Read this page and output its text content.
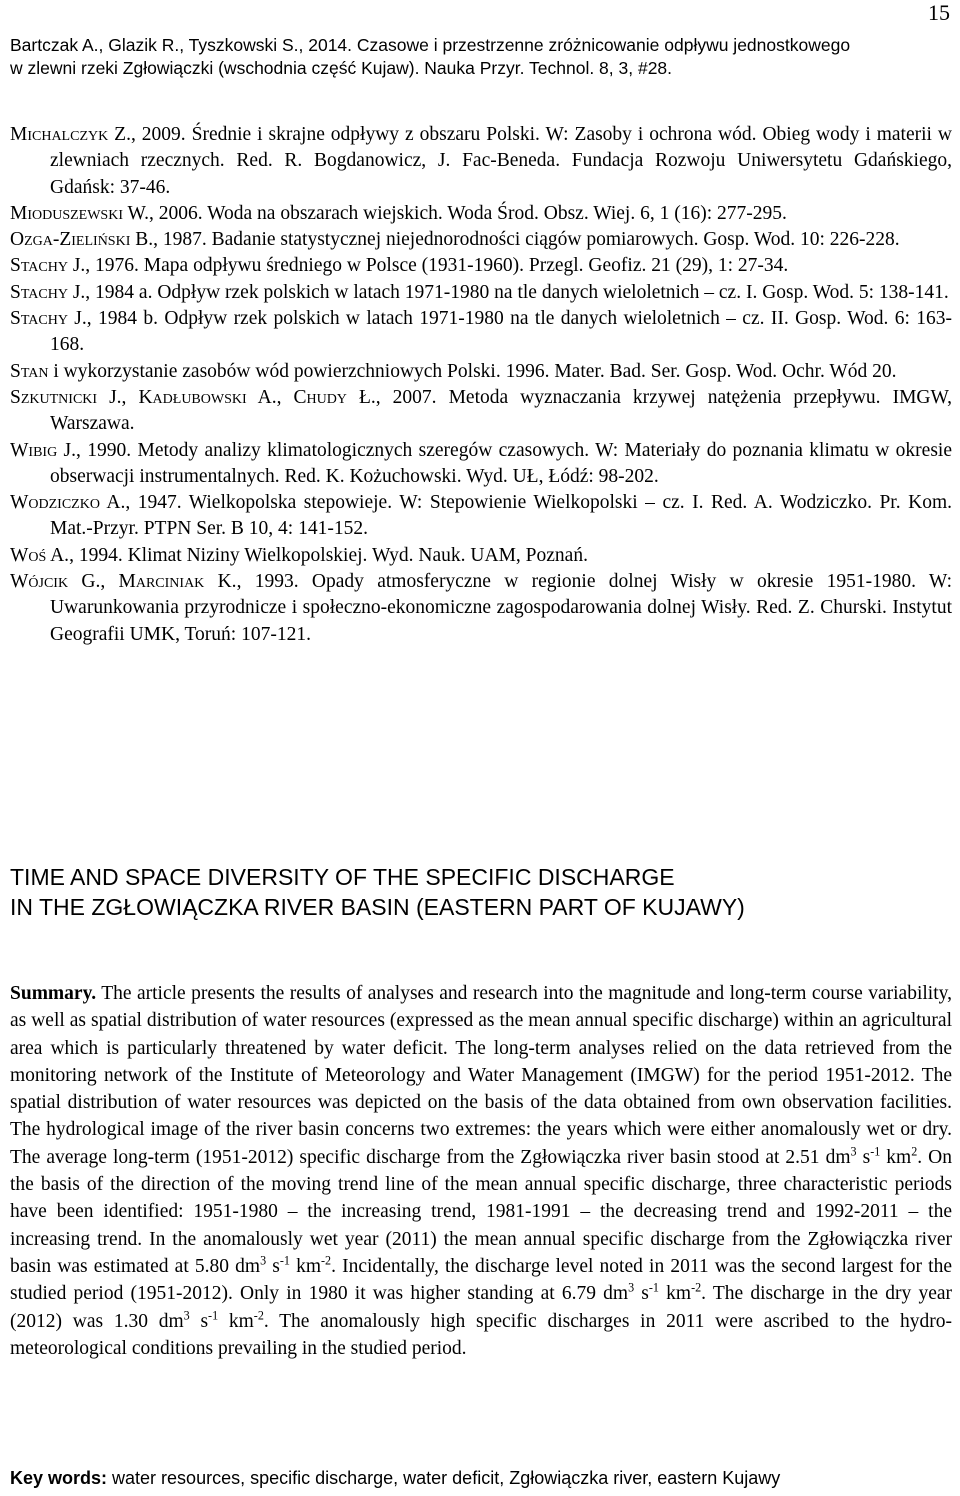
15
Bartczak A., Glazik R., Tyszkowski S., 2014. Czasowe i przestrzenne zróżnicowanie odpływu jednostkowego
w zlewni rzeki Zgłowiączki (wschodnia część Kujaw). Nauka Przyr. Technol. 8, 3, #28.

Michalczyk Z., 2009. Średnie i skrajne odpływy z obszaru Polski. W: Zasoby i ochrona wód. Obieg wody i materii w zlewniach rzecznych. Red. R. Bogdanowicz, J. Fac-Beneda. Fundacja Rozwoju Uniwersytetu Gdańskiego, Gdańsk: 37-46.

Mioduszewski W., 2006. Woda na obszarach wiejskich. Woda Środ. Obsz. Wiej. 6, 1 (16): 277-295.

Ozga-Zieliński B., 1987. Badanie statystycznej niejednorodności ciągów pomiarowych. Gosp. Wod. 10: 226-228.

Stachy J., 1976. Mapa odpływu średniego w Polsce (1931-1960). Przegl. Geofiz. 21 (29), 1: 27-34.

Stachy J., 1984 a. Odpływ rzek polskich w latach 1971-1980 na tle danych wieloletnich – cz. I. Gosp. Wod. 5: 138-141.

Stachy J., 1984 b. Odpływ rzek polskich w latach 1971-1980 na tle danych wieloletnich – cz. II. Gosp. Wod. 6: 163-168.

Stan i wykorzystanie zasobów wód powierzchniowych Polski. 1996. Mater. Bad. Ser. Gosp. Wod. Ochr. Wód 20.

Szkutnicki J., Kadłubowski A., Chudy Ł., 2007. Metoda wyznaczania krzywej natężenia przepływu. IMGW, Warszawa.

Wibig J., 1990. Metody analizy klimatologicznych szeregów czasowych. W: Materiały do poznania klimatu w okresie obserwacji instrumentalnych. Red. K. Kożuchowski. Wyd. UŁ, Łódź: 98-202.

Wodziczko A., 1947. Wielkopolska stepowieje. W: Stepowienie Wielkopolski – cz. I. Red. A. Wodziczko. Pr. Kom. Mat.-Przyr. PTPN Ser. B 10, 4: 141-152.

Woś A., 1994. Klimat Niziny Wielkopolskiej. Wyd. Nauk. UAM, Poznań.

Wójcik G., Marciniak K., 1993. Opady atmosferyczne w regionie dolnej Wisły w okresie 1951-1980. W: Uwarunkowania przyrodnicze i społeczno-ekonomiczne zagospodarowania dolnej Wisły. Red. Z. Churski. Instytut Geografii UMK, Toruń: 107-121.

TIME AND SPACE DIVERSITY OF THE SPECIFIC DISCHARGE
IN THE ZGŁOWIĄCZKA RIVER BASIN (EASTERN PART OF KUJAWY)

Summary. The article presents the results of analyses and research into the magnitude and long-term course variability, as well as spatial distribution of water resources (expressed as the mean annual specific discharge) within an agricultural area which is particularly threatened by water deficit. The long-term analyses relied on the data retrieved from the monitoring network of the Institute of Meteorology and Water Management (IMGW) for the period 1951-2012. The spatial distribution of water resources was depicted on the basis of the data obtained from own observation facilities. The hydrological image of the river basin concerns two extremes: the years which were either anomalously wet or dry. The average long-term (1951-2012) specific discharge from the Zgłowiączka river basin stood at 2.51 $dm^3$ $s^{-1}$ $km^2$. On the basis of the direction of the moving trend line of the mean annual specific discharge, three characteristic periods have been identified: 1951-1980 – the increasing trend, 1981-1991 – the decreasing trend and 1992-2011 – the increasing trend. In the anomalously wet year (2011) the mean annual specific discharge from the Zgłowiączka river basin was estimated at 5.80 $dm^3$ $s^{-1}$ $km^{-2}$. Incidentally, the discharge level noted in 2011 was the second largest for the studied period (1951-2012). Only in 1980 it was higher standing at 6.79 $dm^3$ $s^{-1}$ $km^{-2}$. The discharge in the dry year (2012) was 1.30 $dm^3$ $s^{-1}$ $km^{-2}$. The anomalously high specific discharges in 2011 were ascribed to the hydro-meteorological conditions prevailing in the studied period.

Key words: water resources, specific discharge, water deficit, Zgłowiączka river, eastern Kujawy
